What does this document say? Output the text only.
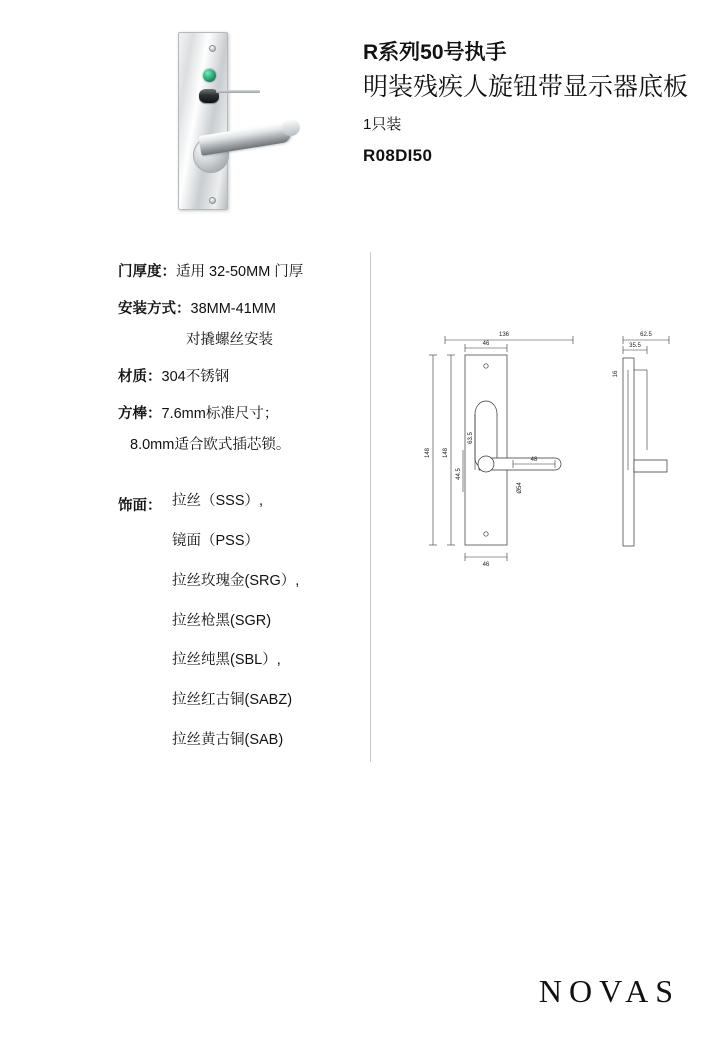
R系列50号执手
明装残疾人旋钮带显示器底板
1只装
R08DI50
门厚度：适用 32-50MM 门厚
安装方式：38MM-41MM
对撬螺丝安装
材质：304不锈钢
方棒：7.6mm标准尺寸；
8.0mm适合欧式插芯锁。
饰面： 拉丝（SSS）,
镜面（PSS）
拉丝玫瑰金(SRG）,
拉丝枪黑(SGR)
拉丝纯黑(SBL）,
拉丝红古铜(SABZ)
拉丝黄古铜(SAB)
136
46
46
148 148
63.5
44.5
48
Ø54
62.5
35.5
16
NOVAS
